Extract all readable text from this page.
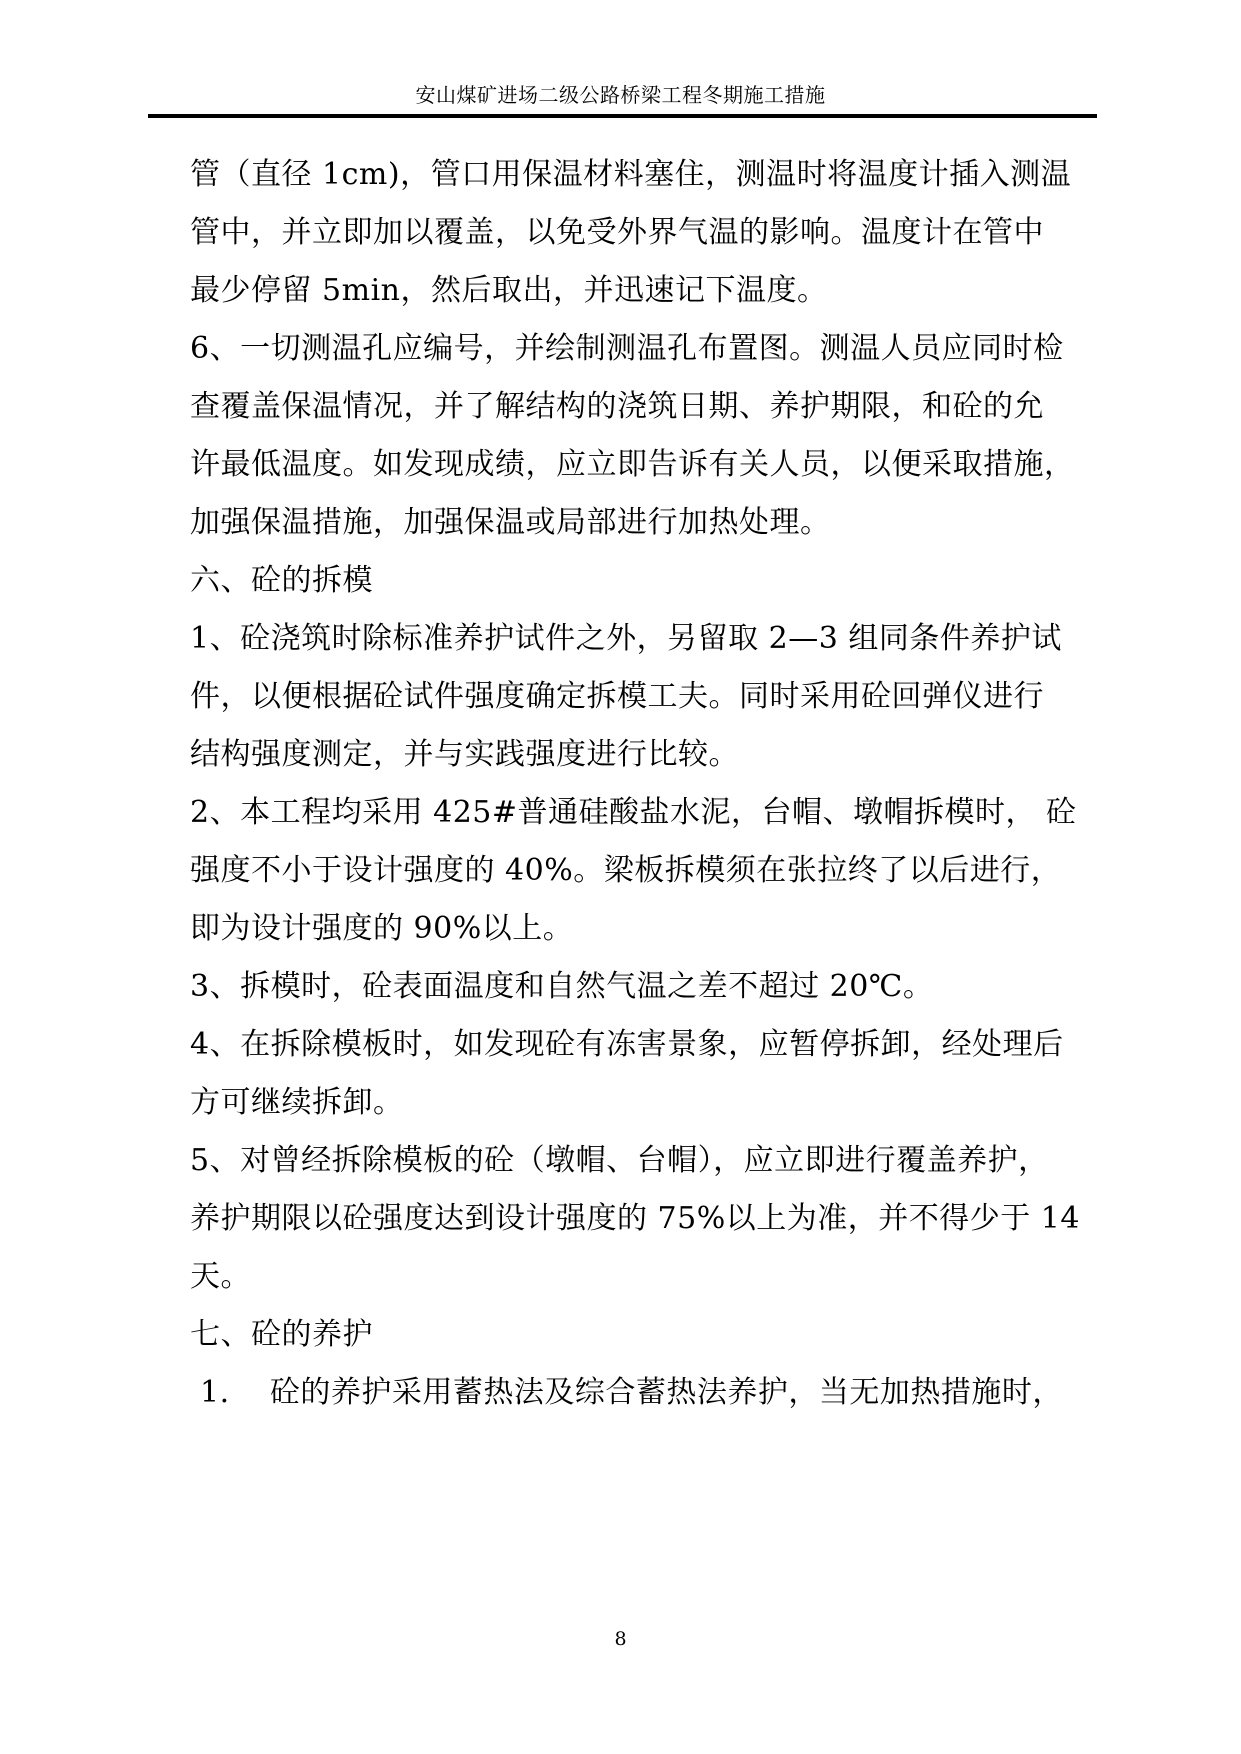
安山煤矿进场二级公路桥梁工程冬期施工措施

管（直径 1cm)，管口用保温材料塞住，测温时将温度计插入测温

管中，并立即加以覆盖，以免受外界气温的影响。温度计在管中

最少停留 5min，然后取出，并迅速记下温度。

6、一切测温孔应编号，并绘制测温孔布置图。测温人员应同时检

查覆盖保温情况，并了解结构的浇筑日期、养护期限，和砼的允

许最低温度。如发现成绩，应立即告诉有关人员，以便采取措施，

加强保温措施，加强保温或局部进行加热处理。

六、砼的拆模

1、砼浇筑时除标准养护试件之外，另留取 2—3 组同条件养护试

件，以便根据砼试件强度确定拆模工夫。同时采用砼回弹仪进行

结构强度测定，并与实践强度进行比较。

2、本工程均采用 425#普通硅酸盐水泥，台帽、墩帽拆模时， 砼

强度不小于设计强度的 40%。梁板拆模须在张拉终了以后进行，

即为设计强度的 90%以上。

3、拆模时，砼表面温度和自然气温之差不超过 20℃。

4、在拆除模板时，如发现砼有冻害景象，应暂停拆卸，经处理后

方可继续拆卸。

5、对曾经拆除模板的砼（墩帽、台帽），应立即进行覆盖养护，

养护期限以砼强度达到设计强度的 75%以上为准，并不得少于 14

天。

七、砼的养护

1.    砼的养护采用蓄热法及综合蓄热法养护，当无加热措施时，

8
